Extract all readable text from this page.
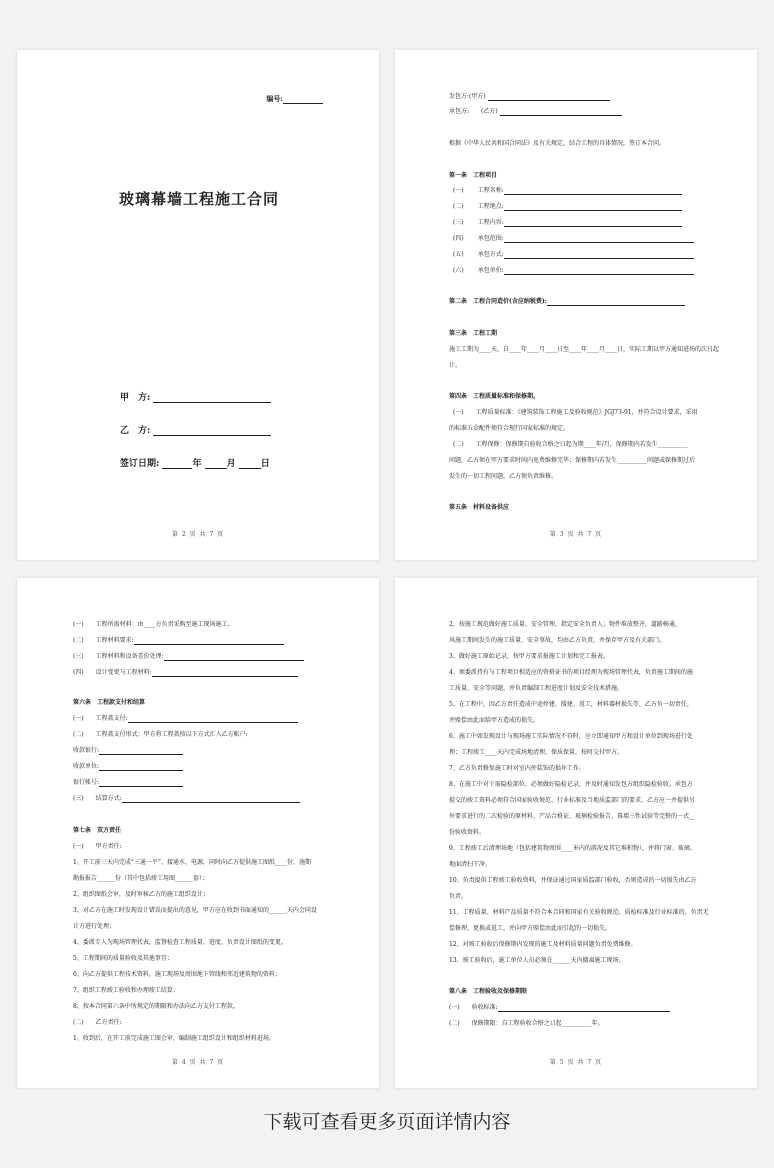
编号:
玻璃幕墙工程施工合同
甲　方:
乙　方:
签订日期:	年	月	日
第 2 页 共 7 页
发包方:(甲方)
承包方:　　(乙方)
根据《中华人民共和国合同法》及有关规定，结合工程的具体情况，签订本合同。
第一条　工程项目
(一) 工程名称:
(二) 工程地点:
(三) 工程内容:
(四) 承包范围:
(五) 承包方式:
(六) 承包单价:
第二条　工程合同造价(含应纳税费):
第三条　工程工期
施工工期为____天，自____年____月____日至____年____月____日，实际工期以甲方通知进场的次日起
计。
第四条　工程质量标准和保修期。
(一)　　工程质量标准：《建筑装饰工程施工及验收规范》JGJ73-91，并符合设计要求，采用
的标准五金配件须符合现行国家标准的规定。
(二)　　工程保修：保修期自验收合格之日起为期____年/月，保修期内若发生__________
问题，乙方须在甲方要求时间内免费维修完毕；保修期内若发生__________问题或保修期过后
发生的一切工程问题，乙方须负责维修。
第五条　材料设备供应
第 3 页 共 7 页
(一)　　工程所需材料：由____方负责采购至施工现场施工。
(二)　　工程材料要求:
(三)　　工程材料和设备差价处理:
(四)　　设计变更与工程材料:
第六条　工程款支付和结算
(一)　　工程款支付:
(二)　　工程款支付形式：甲方将工程款按以下方式汇入乙方帐户:
收款银行:
收款单位:
银行帐号:
(三)　　结算方式:
第七条　双方责任
(一)　　甲方责任:
1、开工前三天内完成“三通一平”，接通水、电源，同时向乙方提供施工图纸____份，施期
勘报报告______份（其中包括竣工用图______套）；
2、组织图纸会审，及时审核乙方的施工组织设计；
3、对乙方在施工时发现设计错误而提出的意见，甲方应在收到书面通知的______天内会同设
计方进行处理；
4、委派专人为现场管理代表，监督检查工程质量、进度、负责设计图纸的变更。
5、工程期间的质量验收及其他事宜；
6、向乙方提供工程技术资料，施工现场及周围地下管线和邻近建筑物的资料；
7、组织工程竣工验收和办理竣工结算；
8、按本合同第六条中所规定的期限和办法向乙方支付工程款。
(二)　　乙方责任:
1、收到后，在开工前完成施工图会审，编制施工组织设计和组织材料进场。
第 4 页 共 7 页
2、按施工规范做好施工质量、安全管理，指定安全负责人；物件堆放整齐，道路畅通，
风施工期间发生的施工质量、安全事故，均由乙方负责，并保存甲方及有关部门。
3、做好施工原始记录，按甲方要求报施工计划和完工报表。
4、须委派持有与工程项目相适应的资格证书的项目经理为现场管理代表，负责施工期间的施
工质量、安全等问题，并负责编制工程进度计划及安全技术措施。
5、在工程中，因乙方责任造成中途停建、缓建、返工，材料器材损失等，乙方负一切责任，
并赔偿由此而给甲方造成的损失。
6、施工中如发现设计与现场施工实际情况不符时，应立即通知甲方和设计单位到现场进行处
理；工程竣工____天内完成场地清理，保质保量，按时交付甲方。
7、乙方负责修复施工时对室内外装饰的损坏工作。
8、在施工中对于需隐检部位，必须做好隐检记录，并及时通知发包方组织隐检验收。承包方
提交的竣工资料必须符合国家验收规范、行业标准及当地质监部门的要求，乙方应一并提供另
外要求进行的二次检验的原材料、产品合格证、玻璃检验报告、幕墙三性试验等完整的一式__
份验收资料。
9、工程竣工后清理场地（包括建筑物周围____米内的游泥及其它堆积物），并将门窗、玻璃、
地面清扫干净。
10、负责提供工程竣工验收资料，并保证通过国家质监部门验收，否则造成的一切损失由乙方
负责。
11、工程质量、材料产品质量不符合本合同和国家有关验收规范、质检标准及行业标准的，负责无
偿修理、更换或返工，并向甲方赔偿由此而引起的一切损失。
12、对竣工验收后保修期内发现的施工及材料质量问题负责免费维修。
13、竣工验收后，施工单位人员必须在______天内撤离施工现场。
第八条　工程验收及保修期限
(一)　　验收标准:
(二)　　保修期限：自工程验收合格之日起__________年。
第 5 页 共 7 页
下载可查看更多页面详情内容
